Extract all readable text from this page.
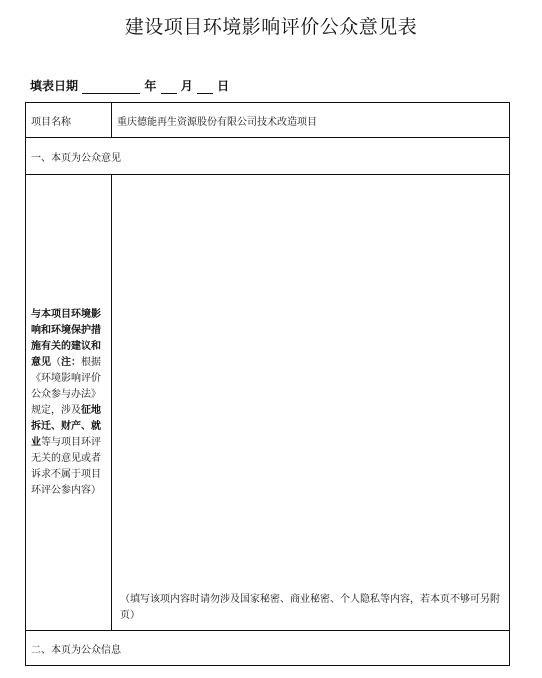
建设项目环境影响评价公众意见表
填表日期	年 月 日
项目名称	重庆德能再生资源股份有限公司技术改造项目
一、本页为公众意见	
与本项目环境影响和环境保护措施有关的建议和意见（注：根据《环境影响评价公众参与办法》规定，涉及征地拆迁、财产、就业等与项目环评无关的意见或者诉求不属于项目环评公参内容）	（填写该项内容时请勿涉及国家秘密、商业秘密、个人隐私等内容，若本页不够可另附页）

二、本页为公众信息	
